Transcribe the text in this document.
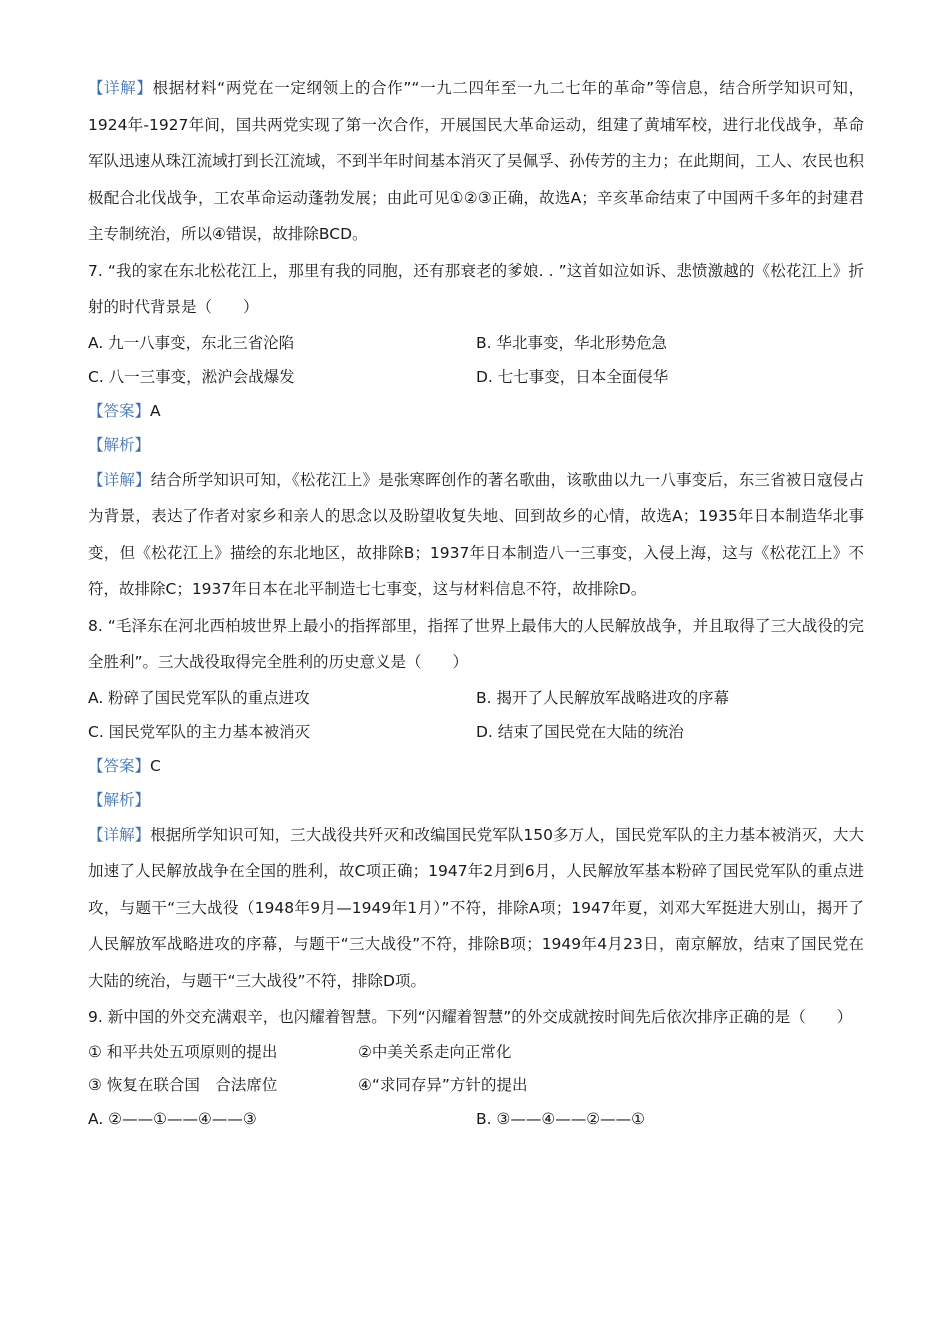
【详解】根据材料“两党在一定纲领上的合作”“一九二四年至一九二七年的革命”等信息，结合所学知识可知，1924年-1927年间，国共两党实现了第一次合作，开展国民大革命运动，组建了黄埔军校，进行北伐战争，革命军队迅速从珠江流域打到长江流域，不到半年时间基本消灭了吴佩孚、孙传芳的主力；在此期间，工人、农民也积极配合北伐战争，工农革命运动蓬勃发展；由此可见①②③正确，故选A；辛亥革命结束了中国两千多年的封建君主专制统治，所以④错误，故排除BCD。

7. “我的家在东北松花江上，那里有我的同胞，还有那衰老的爹娘. . ”这首如泣如诉、悲愤激越的《松花江上》折射的时代背景是（　　）

A. 九一八事变，东北三省沦陷	B. 华北事变，华北形势危急
C. 八一三事变，淞沪会战爆发	D. 七七事变，日本全面侵华

【答案】A

【解析】

【详解】结合所学知识可知，《松花江上》是张寒晖创作的著名歌曲，该歌曲以九一八事变后，东三省被日寇侵占为背景，表达了作者对家乡和亲人的思念以及盼望收复失地、回到故乡的心情，故选A；1935年日本制造华北事变，但《松花江上》描绘的东北地区，故排除B；1937年日本制造八一三事变，入侵上海，这与《松花江上》不符，故排除C；1937年日本在北平制造七七事变，这与材料信息不符，故排除D。

8. “毛泽东在河北西柏坡世界上最小的指挥部里，指挥了世界上最伟大的人民解放战争，并且取得了三大战役的完全胜利”。三大战役取得完全胜利的历史意义是（　　）

A. 粉碎了国民党军队的重点进攻	B. 揭开了人民解放军战略进攻的序幕
C. 国民党军队的主力基本被消灭	D. 结束了国民党在大陆的统治

【答案】C

【解析】

【详解】根据所学知识可知，三大战役共歼灭和改编国民党军队150多万人，国民党军队的主力基本被消灭，大大加速了人民解放战争在全国的胜利，故C项正确；1947年2月到6月，人民解放军基本粉碎了国民党军队的重点进攻，与题干“三大战役（1948年9月—1949年1月）”不符，排除A项；1947年夏，刘邓大军挺进大别山，揭开了人民解放军战略进攻的序幕，与题干“三大战役”不符，排除B项；1949年4月23日，南京解放，结束了国民党在大陆的统治，与题干“三大战役”不符，排除D项。

9. 新中国的外交充满艰辛，也闪耀着智慧。下列“闪耀着智慧”的外交成就按时间先后依次排序正确的是（　　）

① 和平共处五项原则的提出	②中美关系走向正常化
③ 恢复在联合国　合法席位	④“求同存异”方针的提出
A. ②——①——④——③	B. ③——④——②——①
